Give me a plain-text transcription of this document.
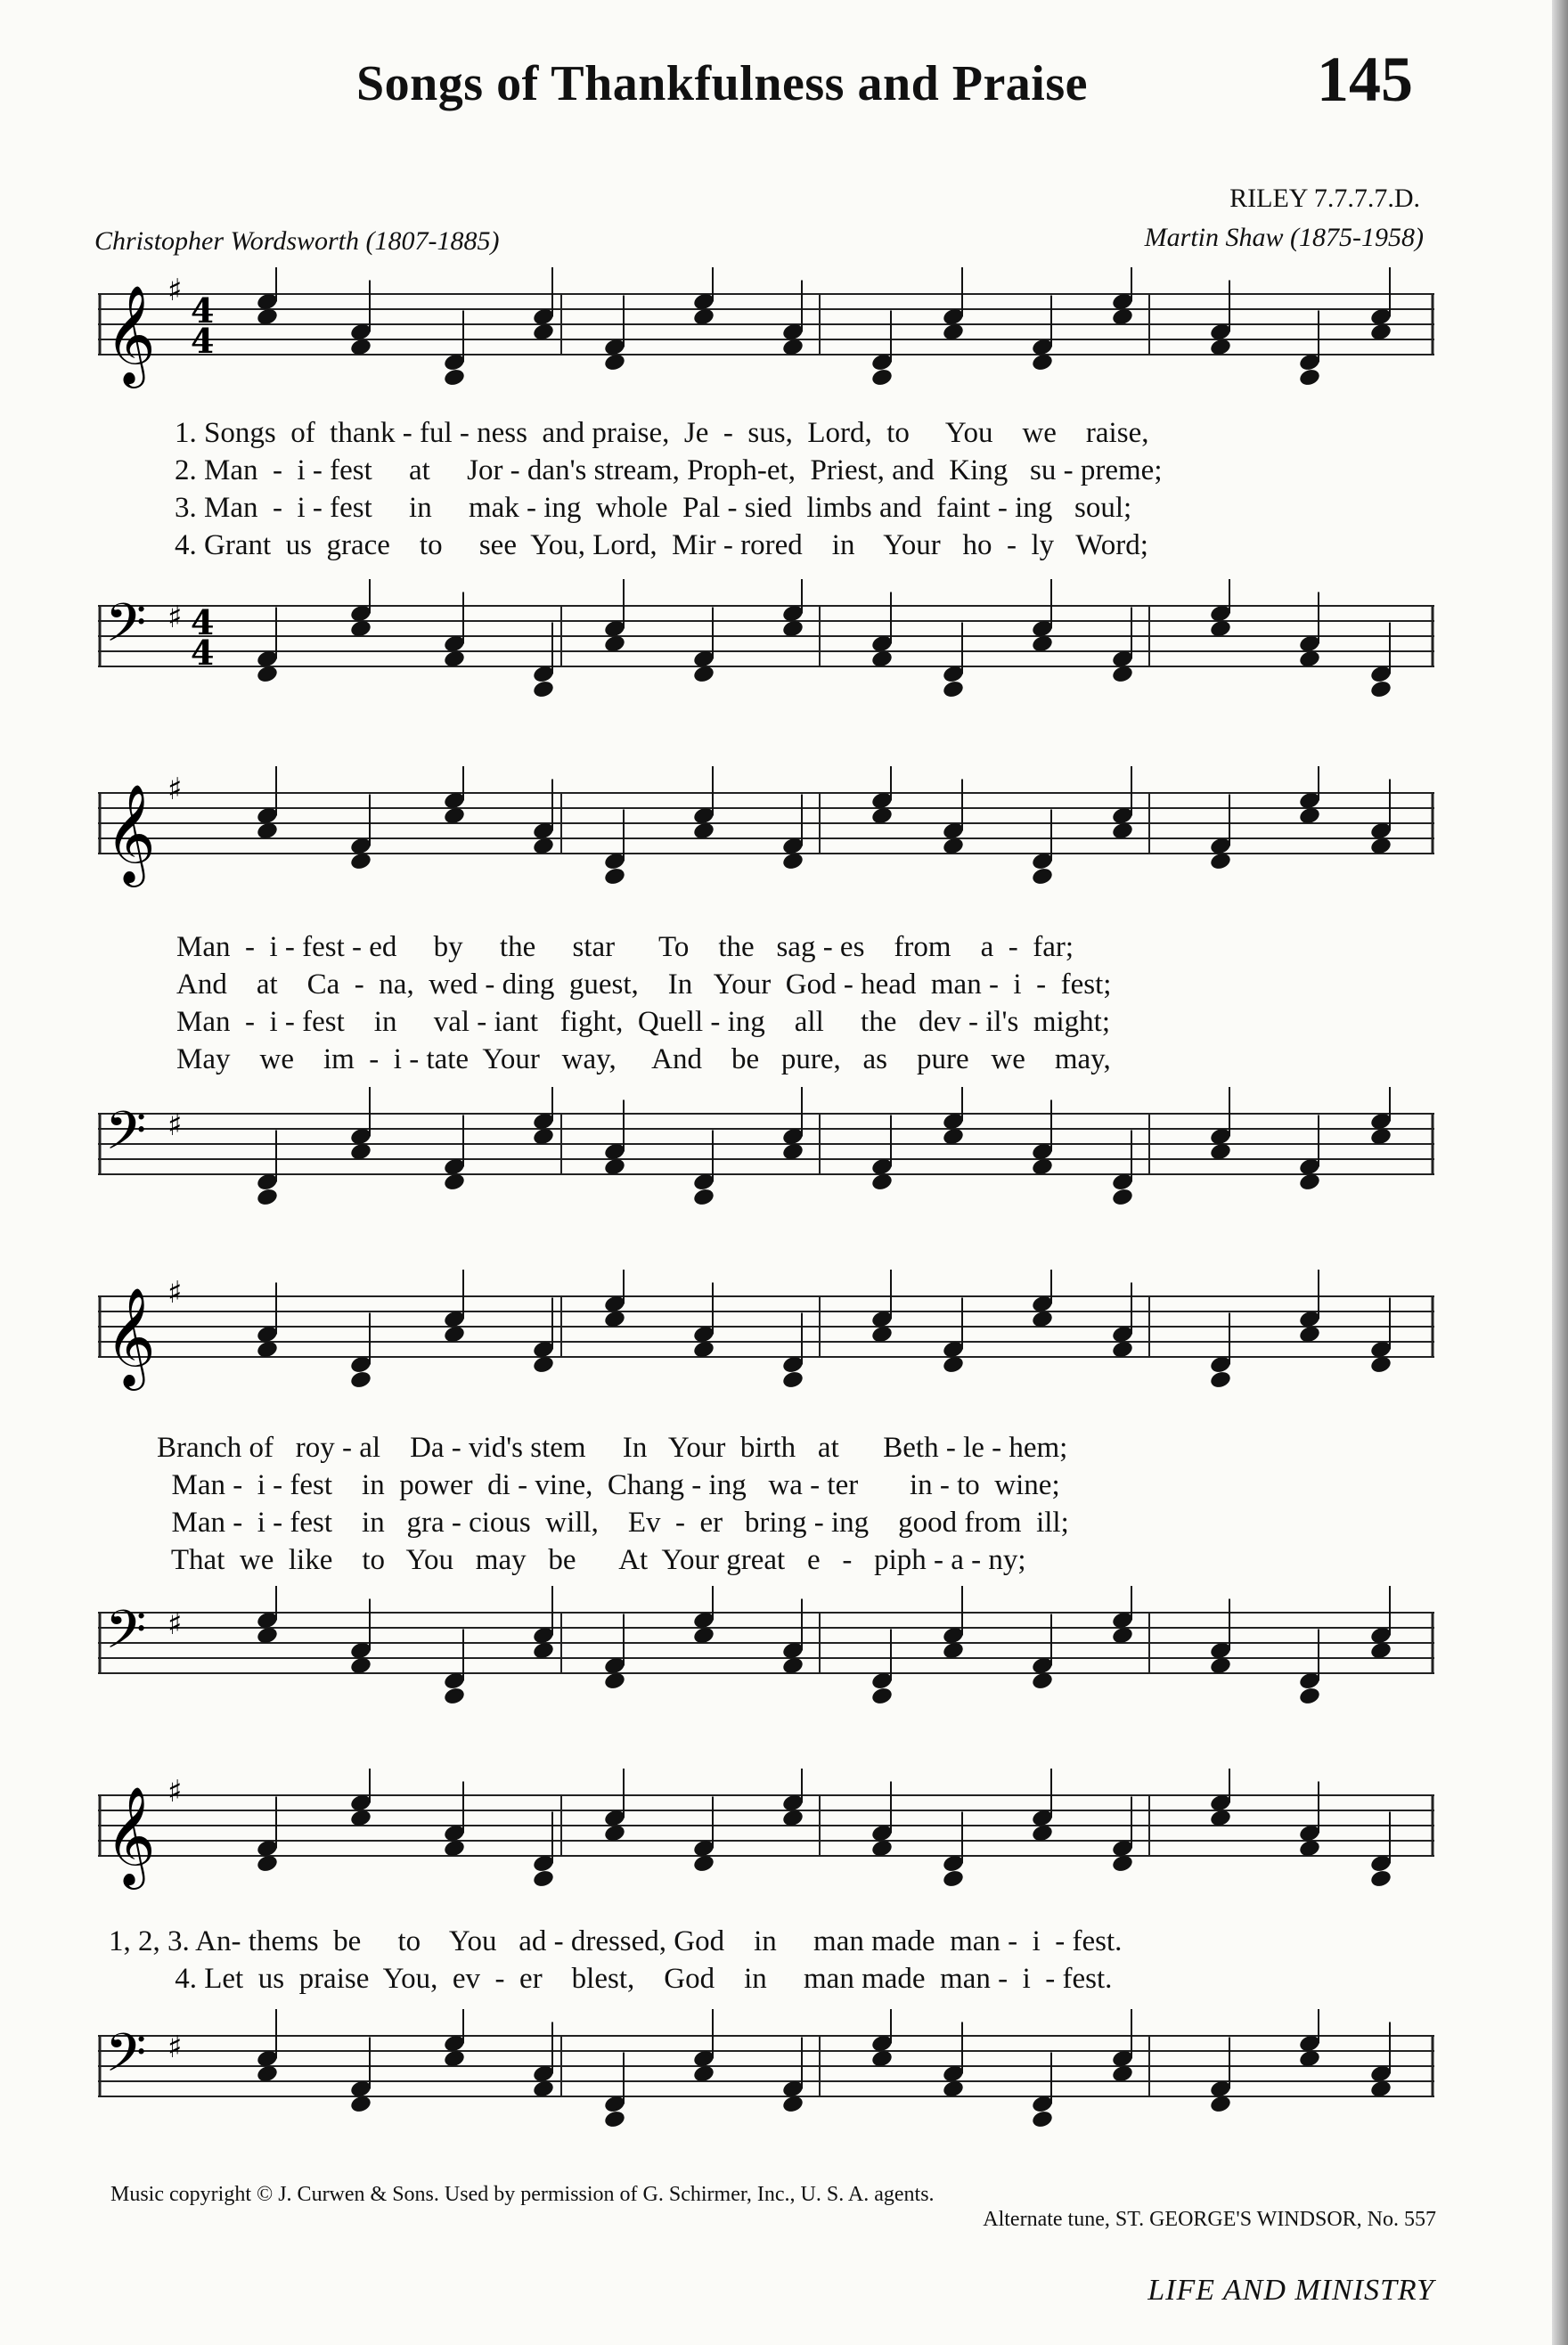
Songs of Thankfulness and Praise	145
RILEY 7.7.7.7.D.
Christopher Wordsworth (1807-1885)	Martin Shaw (1875-1958)
𝄞 ♯
4
4
1. Songs  of  thank - ful - ness  and praise,  Je  -  sus,  Lord,  to     You    we    raise,
2. Man  -  i - fest     at     Jor - dan's stream, Proph-et,  Priest, and  King   su - preme;
3. Man  -  i - fest     in     mak - ing  whole  Pal - sied  limbs and  faint - ing   soul;
4. Grant  us  grace    to     see  You, Lord,  Mir - rored    in    Your   ho  -  ly   Word;
𝄢 ♯ 4
4
𝄞 ♯
Man  -  i - fest - ed     by     the     star      To    the   sag - es    from    a  -  far;
And    at    Ca  -  na,  wed - ding  guest,    In   Your  God - head  man -  i  -  fest;
Man  -  i - fest    in     val - iant   fight,  Quell - ing    all     the   dev - il's  might;
May    we    im  -  i - tate  Your   way,     And    be   pure,   as    pure   we    may,
𝄢 ♯
𝄞 ♯
Branch of   roy - al    Da - vid's stem     In   Your  birth   at      Beth - le - hem;
Man -  i - fest    in  power  di - vine,  Chang - ing   wa - ter       in - to  wine;
Man -  i - fest    in   gra - cious  will,    Ev  -  er   bring - ing    good from  ill;
That  we  like    to   You   may   be      At  Your great   e   -   piph - a - ny;
𝄢 ♯
𝄞 ♯
1, 2, 3. An- thems  be     to    You   ad - dressed, God    in     man made  man -  i  - fest.
4. Let  us  praise  You,  ev  -  er    blest,    God    in     man made  man -  i  - fest.
𝄢 ♯
Music copyright © J. Curwen & Sons. Used by permission of G. Schirmer, Inc., U. S. A. agents.
Alternate tune, ST. GEORGE'S WINDSOR, No. 557
LIFE AND MINISTRY
